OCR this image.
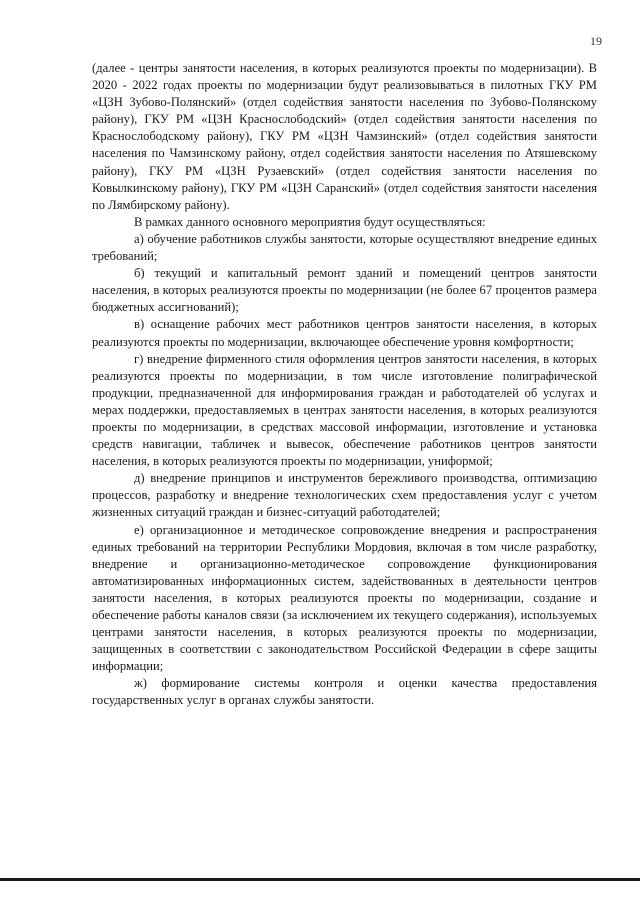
19

(далее - центры занятости населения, в которых реализуются проекты по модернизации). В 2020 - 2022 годах проекты по модернизации будут реализовываться в пилотных ГКУ РМ «ЦЗН Зубово-Полянский» (отдел содействия занятости населения по Зубово-Полянскому району), ГКУ РМ «ЦЗН Краснослободский» (отдел содействия занятости населения по Краснослободскому району), ГКУ РМ «ЦЗН Чамзинский» (отдел содействия занятости населения по Чамзинскому району, отдел содействия занятости населения по Атяшевскому району), ГКУ РМ «ЦЗН Рузаевский» (отдел содействия занятости населения по Ковылкинскому району), ГКУ РМ «ЦЗН Саранский» (отдел содействия занятости населения по Лямбирскому району).

В рамках данного основного мероприятия будут осуществляться:

а) обучение работников службы занятости, которые осуществляют внедрение единых требований;

б) текущий и капитальный ремонт зданий и помещений центров занятости населения, в которых реализуются проекты по модернизации (не более 67 процентов размера бюджетных ассигнований);

в) оснащение рабочих мест работников центров занятости населения, в которых реализуются проекты по модернизации, включающее обеспечение уровня комфортности;

г) внедрение фирменного стиля оформления центров занятости населения, в которых реализуются проекты по модернизации, в том числе изготовление полиграфической продукции, предназначенной для информирования граждан и работодателей об услугах и мерах поддержки, предоставляемых в центрах занятости населения, в которых реализуются проекты по модернизации, в средствах массовой информации, изготовление и установка средств навигации, табличек и вывесок, обеспечение работников центров занятости населения, в которых реализуются проекты по модернизации, униформой;

д) внедрение принципов и инструментов бережливого производства, оптимизацию процессов, разработку и внедрение технологических схем предоставления услуг с учетом жизненных ситуаций граждан и бизнес-ситуаций работодателей;

е) организационное и методическое сопровождение внедрения и распространения единых требований на территории Республики Мордовия, включая в том числе разработку, внедрение и организационно-методическое сопровождение функционирования автоматизированных информационных систем, задействованных в деятельности центров занятости населения, в которых реализуются проекты по модернизации, создание и обеспечение работы каналов связи (за исключением их текущего содержания), используемых центрами занятости населения, в которых реализуются проекты по модернизации, защищенных в соответствии с законодательством Российской Федерации в сфере защиты информации;

ж) формирование системы контроля и оценки качества предоставления государственных услуг в органах службы занятости.
